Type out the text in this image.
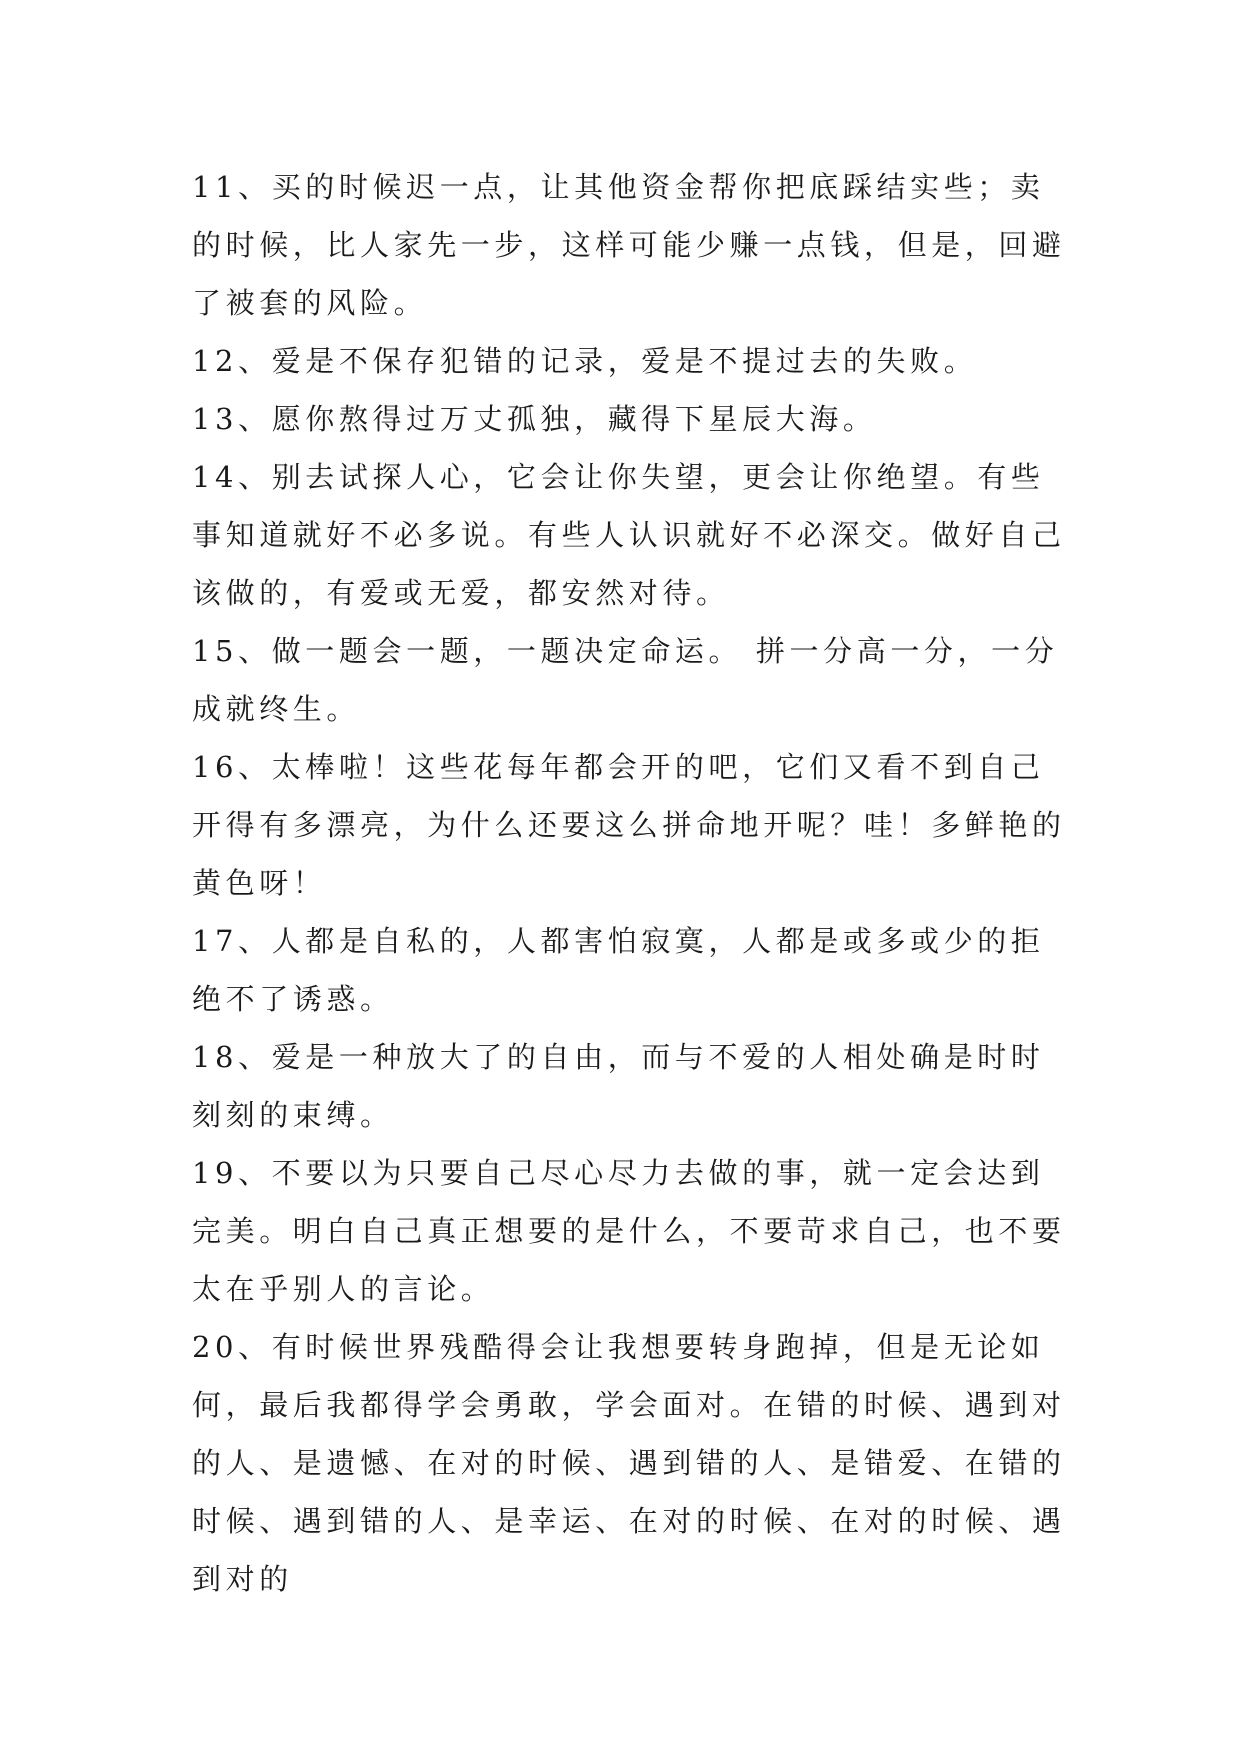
11、买的时候迟一点，让其他资金帮你把底踩结实些；卖的时候，比人家先一步，这样可能少赚一点钱，但是，回避了被套的风险。

12、爱是不保存犯错的记录，爱是不提过去的失败。

13、愿你熬得过万丈孤独，藏得下星辰大海。

14、别去试探人心，它会让你失望，更会让你绝望。有些事知道就好不必多说。有些人认识就好不必深交。做好自己该做的，有爱或无爱，都安然对待。

15、做一题会一题，一题决定命运。 拼一分高一分，一分成就终生。

16、太棒啦！这些花每年都会开的吧，它们又看不到自己开得有多漂亮，为什么还要这么拼命地开呢？哇！多鲜艳的黄色呀！

17、人都是自私的，人都害怕寂寞，人都是或多或少的拒绝不了诱惑。

18、爱是一种放大了的自由，而与不爱的人相处确是时时刻刻的束缚。

19、不要以为只要自己尽心尽力去做的事，就一定会达到完美。明白自己真正想要的是什么，不要苛求自己，也不要太在乎别人的言论。

20、有时候世界残酷得会让我想要转身跑掉，但是无论如何，最后我都得学会勇敢，学会面对。在错的时候、遇到对的人、是遗憾、在对的时候、遇到错的人、是错爱、在错的时候、遇到错的人、是幸运、在对的时候、在对的时候、遇到对的
